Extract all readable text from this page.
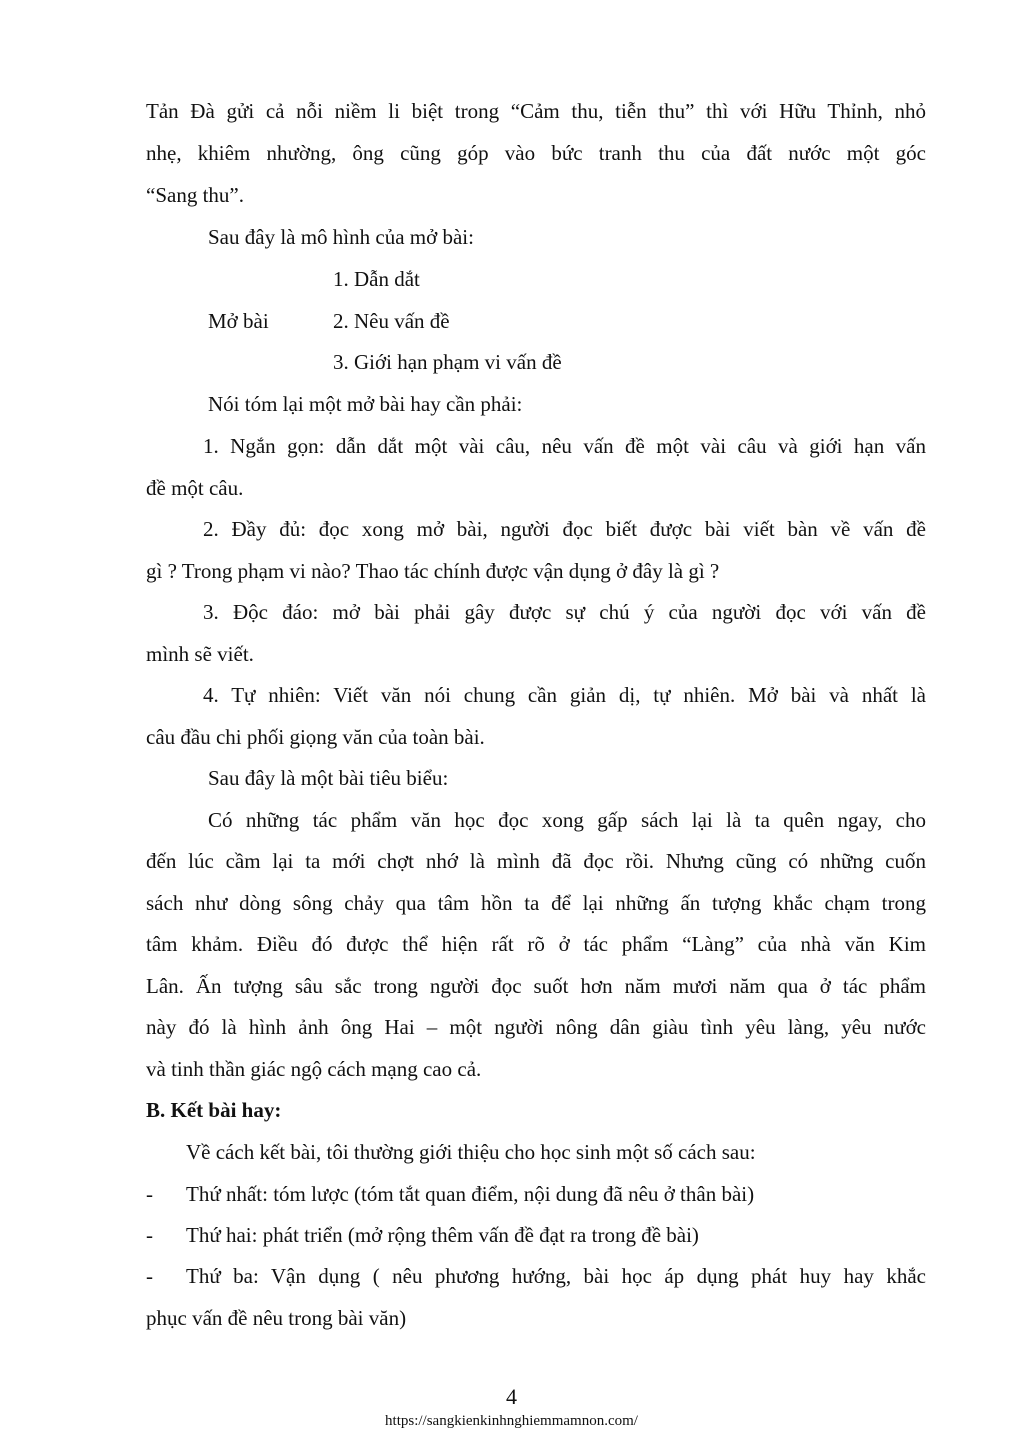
Tản Đà gửi cả nỗi niềm li biệt trong “Cảm thu, tiễn thu” thì với Hữu Thỉnh, nhỏ
nhẹ, khiêm nhường, ông cũng góp vào bức tranh thu của đất nước một góc
“Sang thu”.
Sau đây là mô hình của mở bài:
1. Dẫn dắt
Mở bài	2. Nêu vấn đề
3. Giới hạn phạm vi vấn đề
Nói tóm lại một mở bài hay cần phải:
1. Ngắn gọn: dẫn dắt một vài câu, nêu vấn đề một vài câu và giới hạn vấn
đề một câu.
2. Đầy đủ: đọc xong mở bài, người đọc biết được bài viết bàn về vấn đề
gì ? Trong phạm vi nào? Thao tác chính được vận dụng ở đây là gì ?
3. Độc đáo: mở bài phải gây được sự chú ý của người đọc với vấn đề
mình sẽ viết.
4. Tự nhiên: Viết văn nói chung cần giản dị, tự nhiên. Mở bài và nhất là
câu đầu chi phối giọng văn của toàn bài.
Sau đây là một bài tiêu biểu:
Có những tác phẩm văn học đọc xong gấp sách lại là ta quên ngay, cho
đến lúc cầm lại ta mới chợt nhớ là mình đã đọc rồi. Nhưng cũng có những cuốn
sách như dòng sông chảy qua tâm hồn ta để lại những ấn tượng khắc chạm trong
tâm khảm. Điều đó được thể hiện rất rõ ở tác phẩm “Làng” của nhà văn Kim
Lân. Ấn tượng sâu sắc trong người đọc suốt hơn năm mươi năm qua ở tác phẩm
này đó là hình ảnh ông Hai – một người nông dân giàu tình yêu làng, yêu nước
và tinh thần giác ngộ cách mạng cao cả.
B. Kết bài hay:
Về cách kết bài, tôi thường giới thiệu cho học sinh một số cách sau:
- Thứ nhất: tóm lược (tóm tắt quan điểm, nội dung đã nêu ở thân bài)
- Thứ hai: phát triển (mở rộng thêm vấn đề đạt ra trong đề bài)
- Thứ ba: Vận dụng ( nêu phương hướng, bài học áp dụng phát huy hay khắc
phục vấn đề nêu trong bài văn)
4
https://sangkienkinhnghiemmamnon.com/
